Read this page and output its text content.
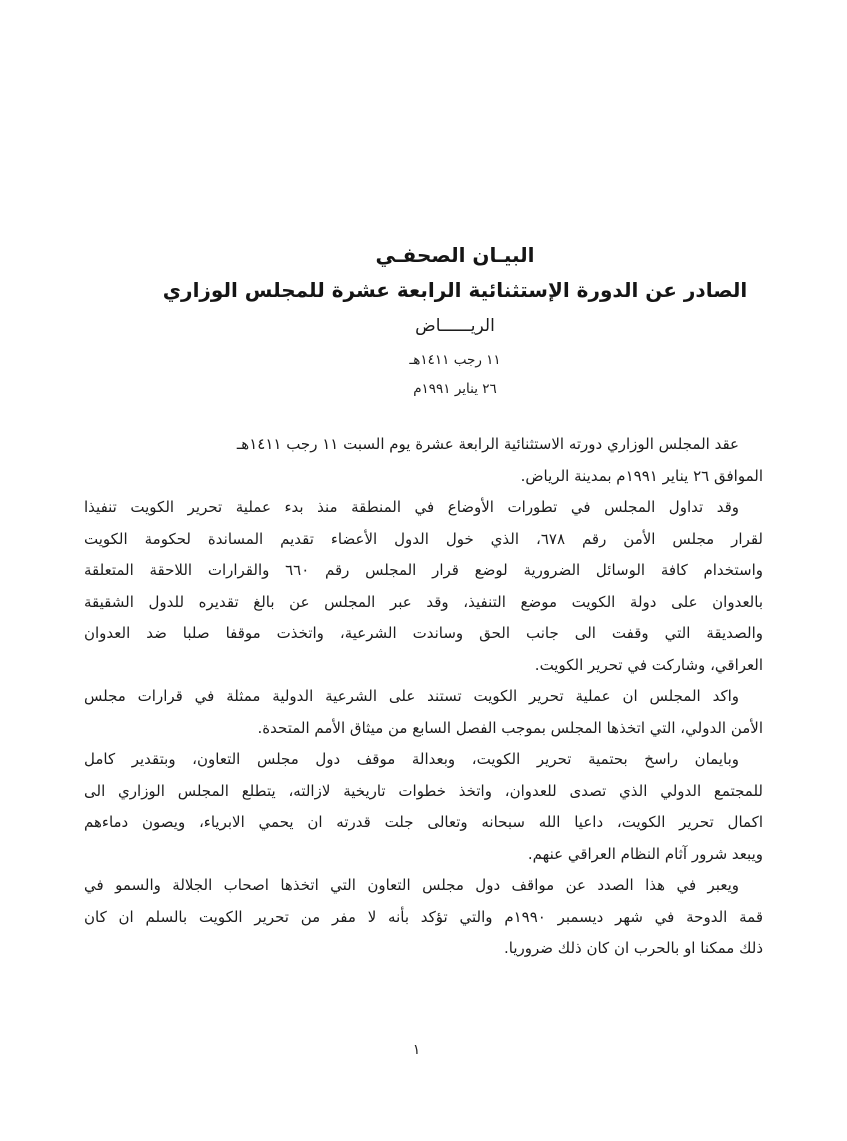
البيـان الصحفـي
الصادر عن الدورة الإستثنائية الرابعة عشرة للمجلس الوزاري
الريــــــاض
١١ رجب ١٤١١هـ
٢٦ يناير ١٩٩١م
عقد المجلس الوزاري دورته الاستثنائية الرابعة عشرة يوم السبت ١١ رجب ١٤١١هـ
الموافق ٢٦ يناير ١٩٩١م بمدينة الرياض.
وقد تداول المجلس في تطورات الأوضاع في المنطقة منذ بدء عملية تحرير الكويت تنفيذا
لقرار مجلس الأمن رقم ٦٧٨، الذي خول الدول الأعضاء تقديم المساندة لحكومة الكويت
واستخدام كافة الوسائل الضرورية لوضع قرار المجلس رقم ٦٦٠ والقرارات اللاحقة المتعلقة
بالعدوان على دولة الكويت موضع التنفيذ، وقد عبر المجلس عن بالغ تقديره للدول الشقيقة
والصديقة التي وقفت الى جانب الحق وساندت الشرعية، واتخذت موقفا صلبا ضد العدوان
العراقي، وشاركت في تحرير الكويت.
واكد المجلس ان عملية تحرير الكويت تستند على الشرعية الدولية ممثلة في قرارات مجلس
الأمن الدولي، التي اتخذها المجلس بموجب الفصل السابع من ميثاق الأمم المتحدة.
وبايمان راسخ بحتمية تحرير الكويت، وبعدالة موقف دول مجلس التعاون، وبتقدير كامل
للمجتمع الدولي الذي تصدى للعدوان، واتخذ خطوات تاريخية لازالته، يتطلع المجلس الوزاري الى
اكمال تحرير الكويت، داعيا الله سبحانه وتعالى جلت قدرته ان يحمي الابرياء، ويصون دماءهم
ويبعد شرور آثام النظام العراقي عنهم.
ويعبر في هذا الصدد عن مواقف دول مجلس التعاون التي اتخذها اصحاب الجلالة والسمو في
قمة الدوحة في شهر ديسمبر ١٩٩٠م والتي تؤكد بأنه لا مفر من تحرير الكويت بالسلم ان كان
ذلك ممكنا او بالحرب ان كان ذلك ضروريا.
١
